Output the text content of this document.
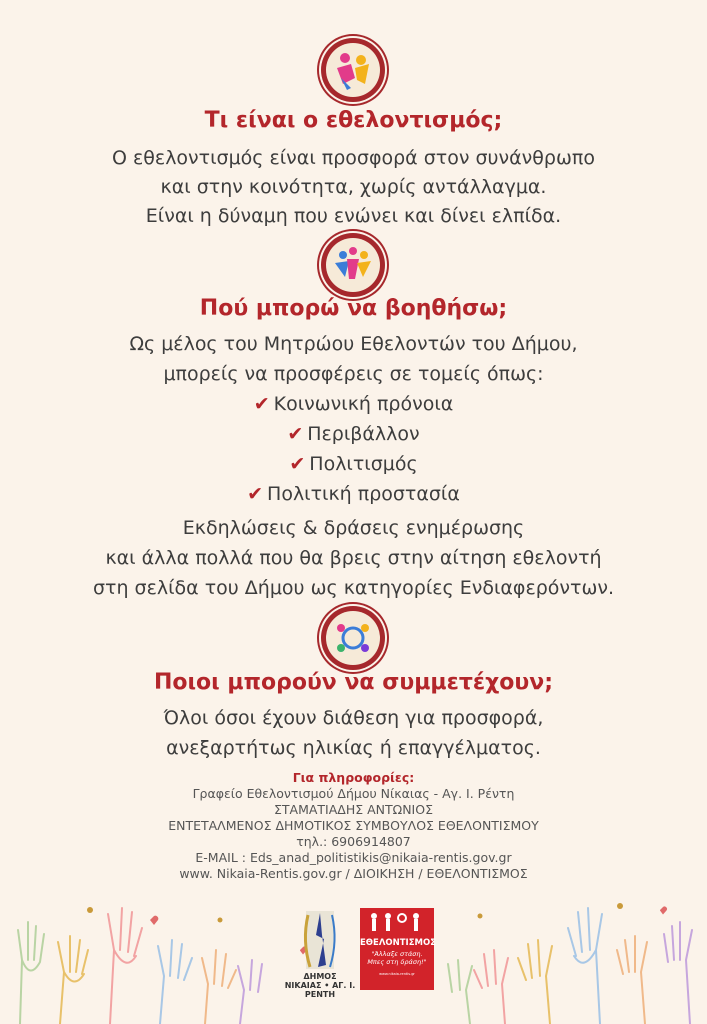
Τι είναι ο εθελοντισμός;
Ο εθελοντισμός είναι προσφορά στον συνάνθρωπο
και στην κοινότητα, χωρίς αντάλλαγμα.
Είναι η δύναμη που ενώνει και δίνει ελπίδα.
Πού μπορώ να βοηθήσω;
Ως μέλος του Μητρώου Εθελοντών του Δήμου,
μπορείς να προσφέρεις σε τομείς όπως:
✔ Κοινωνική πρόνοια
✔ Περιβάλλον
✔ Πολιτισμός
✔ Πολιτική προστασία
Εκδηλώσεις & δράσεις ενημέρωσης
και άλλα πολλά που θα βρεις στην αίτηση εθελοντή
στη σελίδα του Δήμου ως κατηγορίες Ενδιαφερόντων.
Ποιοι μπορούν να συμμετέχουν;
Όλοι όσοι έχουν διάθεση για προσφορά,
ανεξαρτήτως ηλικίας ή επαγγέλματος.
Για πληροφορίες:
Γραφείο Εθελοντισμού Δήμου Νίκαιας - Αγ. Ι. Ρέντη
ΣΤΑΜΑΤΙΑΔΗΣ ΑΝΤΩΝΙΟΣ
ΕΝΤΕΤΑΛΜΕΝΟΣ ΔΗΜΟΤΙΚΟΣ ΣΥΜΒΟΥΛΟΣ ΕΘΕΛΟΝΤΙΣΜΟΥ
τηλ.: 6906914807
E-MAIL : Eds_anad_politistikis@nikaia-rentis.gov.gr
www. Nikaia-Rentis.gov.gr / ΔΙΟΙΚΗΣΗ / ΕΘΕΛΟΝΤΙΣΜΟΣ
ΔΗΜΟΣ
ΝΙΚΑΙΑΣ • ΑΓ. Ι. ΡΕΝΤΗ
ΕΘΕΛΟΝΤΙΣΜΟΣ
"Άλλαξε στάση.
Μπες στη δράση!"
www.nikaia-rentis.gr
